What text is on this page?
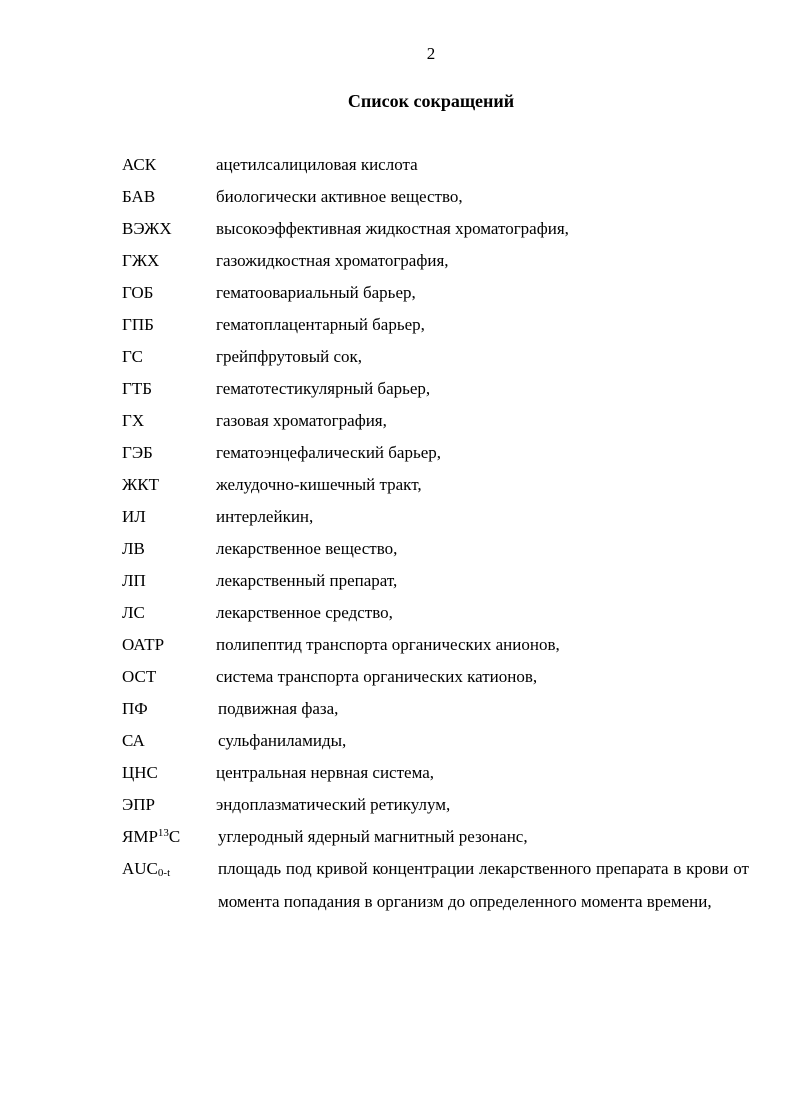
2
Список сокращений
АСК	ацетилсалициловая кислота
БАВ	биологически активное вещество,
ВЭЖХ	высокоэффективная жидкостная хроматография,
ГЖХ	газожидкостная хроматография,
ГОБ	гематоовариальный барьер,
ГПБ	гематоплацентарный барьер,
ГС	грейпфрутовый сок,
ГТБ	гематотестикулярный барьер,
ГХ	газовая хроматография,
ГЭБ	гематоэнцефалический барьер,
ЖКТ	желудочно-кишечный тракт,
ИЛ	интерлейкин,
ЛВ	лекарственное вещество,
ЛП	лекарственный препарат,
ЛС	лекарственное средство,
ОАТР	полипептид транспорта органических анионов,
ОСТ	система транспорта органических катионов,
ПФ	подвижная фаза,
СА	сульфаниламиды,
ЦНС	центральная нервная система,
ЭПР	эндоплазматический ретикулум,
ЯМР$^{13}$С углеродный ядерный магнитный резонанс,
$AUC_{0-t}$	площадь под кривой концентрации лекарственного препарата в крови от момента попадания в организм до определенного момента времени,
